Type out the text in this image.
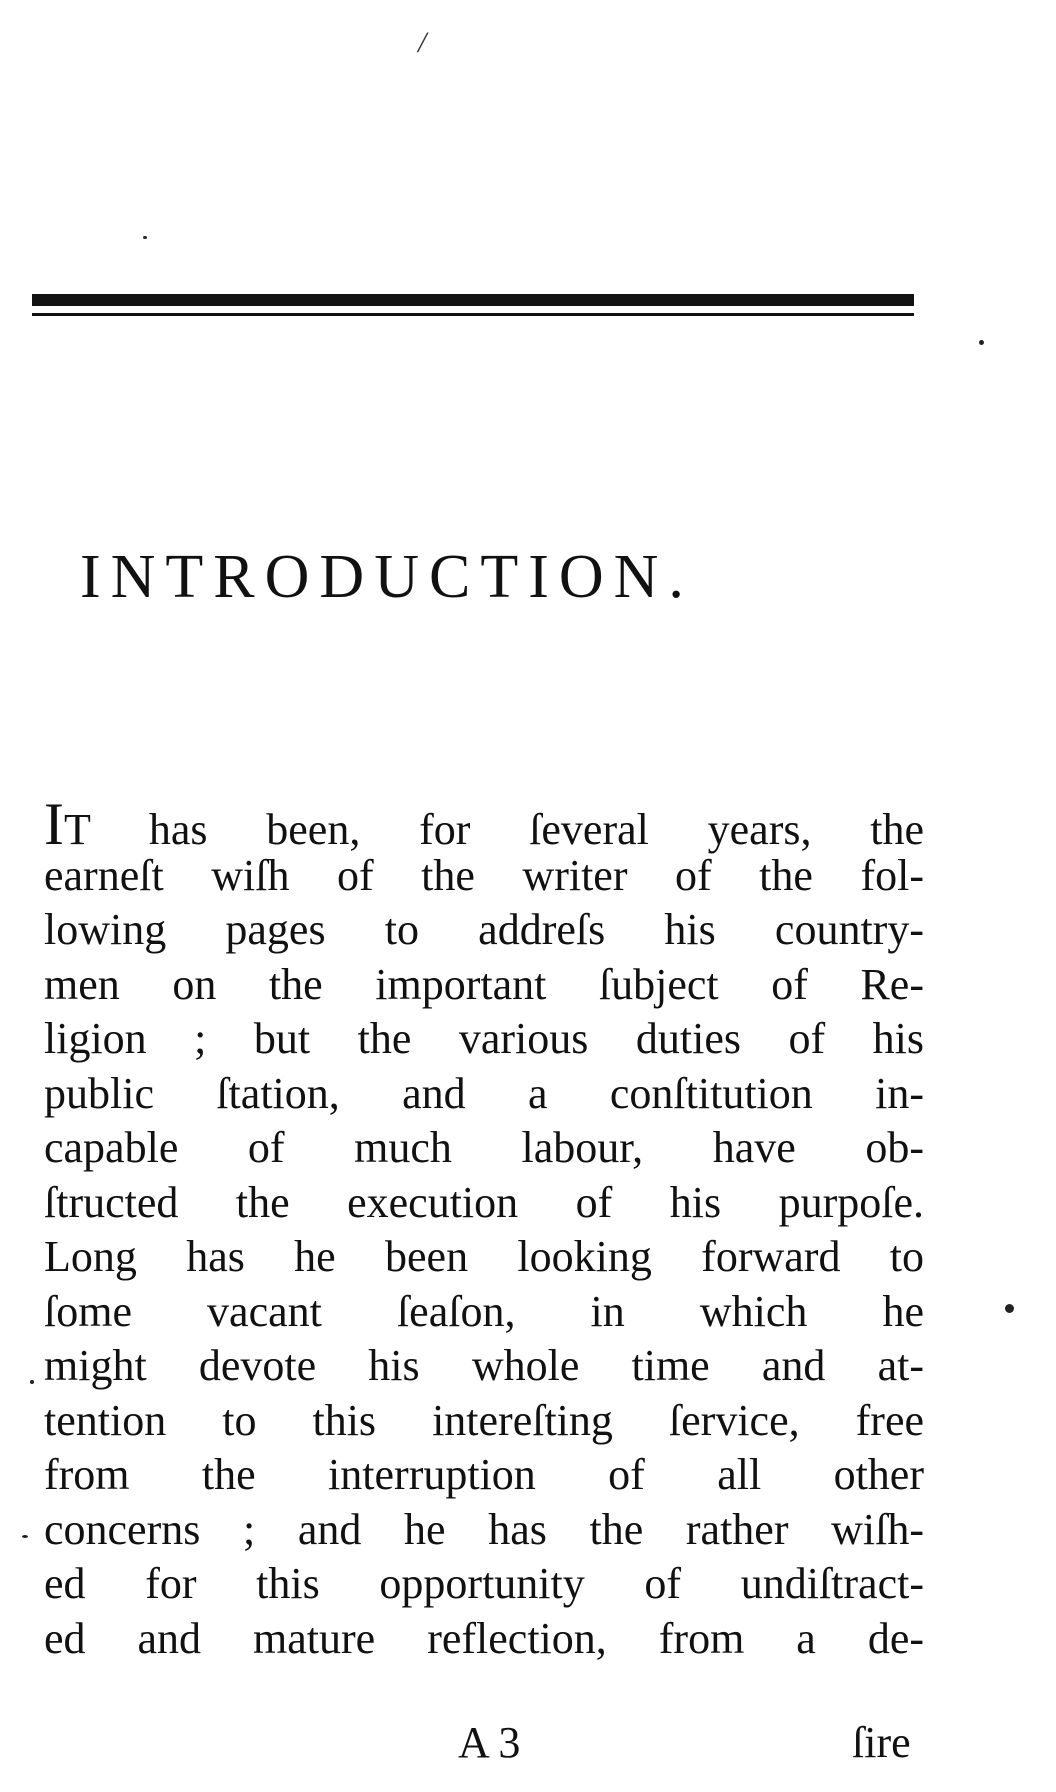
/
INTRODUCTION.
IT has been, for ſeveral years, the
earneſt wiſh of the writer of the fol-
lowing pages to addreſs his country-
men on the important ſubject of Re-
ligion ; but the various duties of his
public ſtation, and a conſtitution in-
capable of much labour, have ob-
ſtructed the execution of his purpoſe.
Long has he been looking forward to
ſome vacant ſeaſon, in which he
might devote his whole time and at-
tention to this intereſting ſervice, free
from the interruption of all other
concerns ; and he has the rather wiſh-
ed for this opportunity of undiſtract-
ed and mature reflection, from a de-
A 3	ſire
